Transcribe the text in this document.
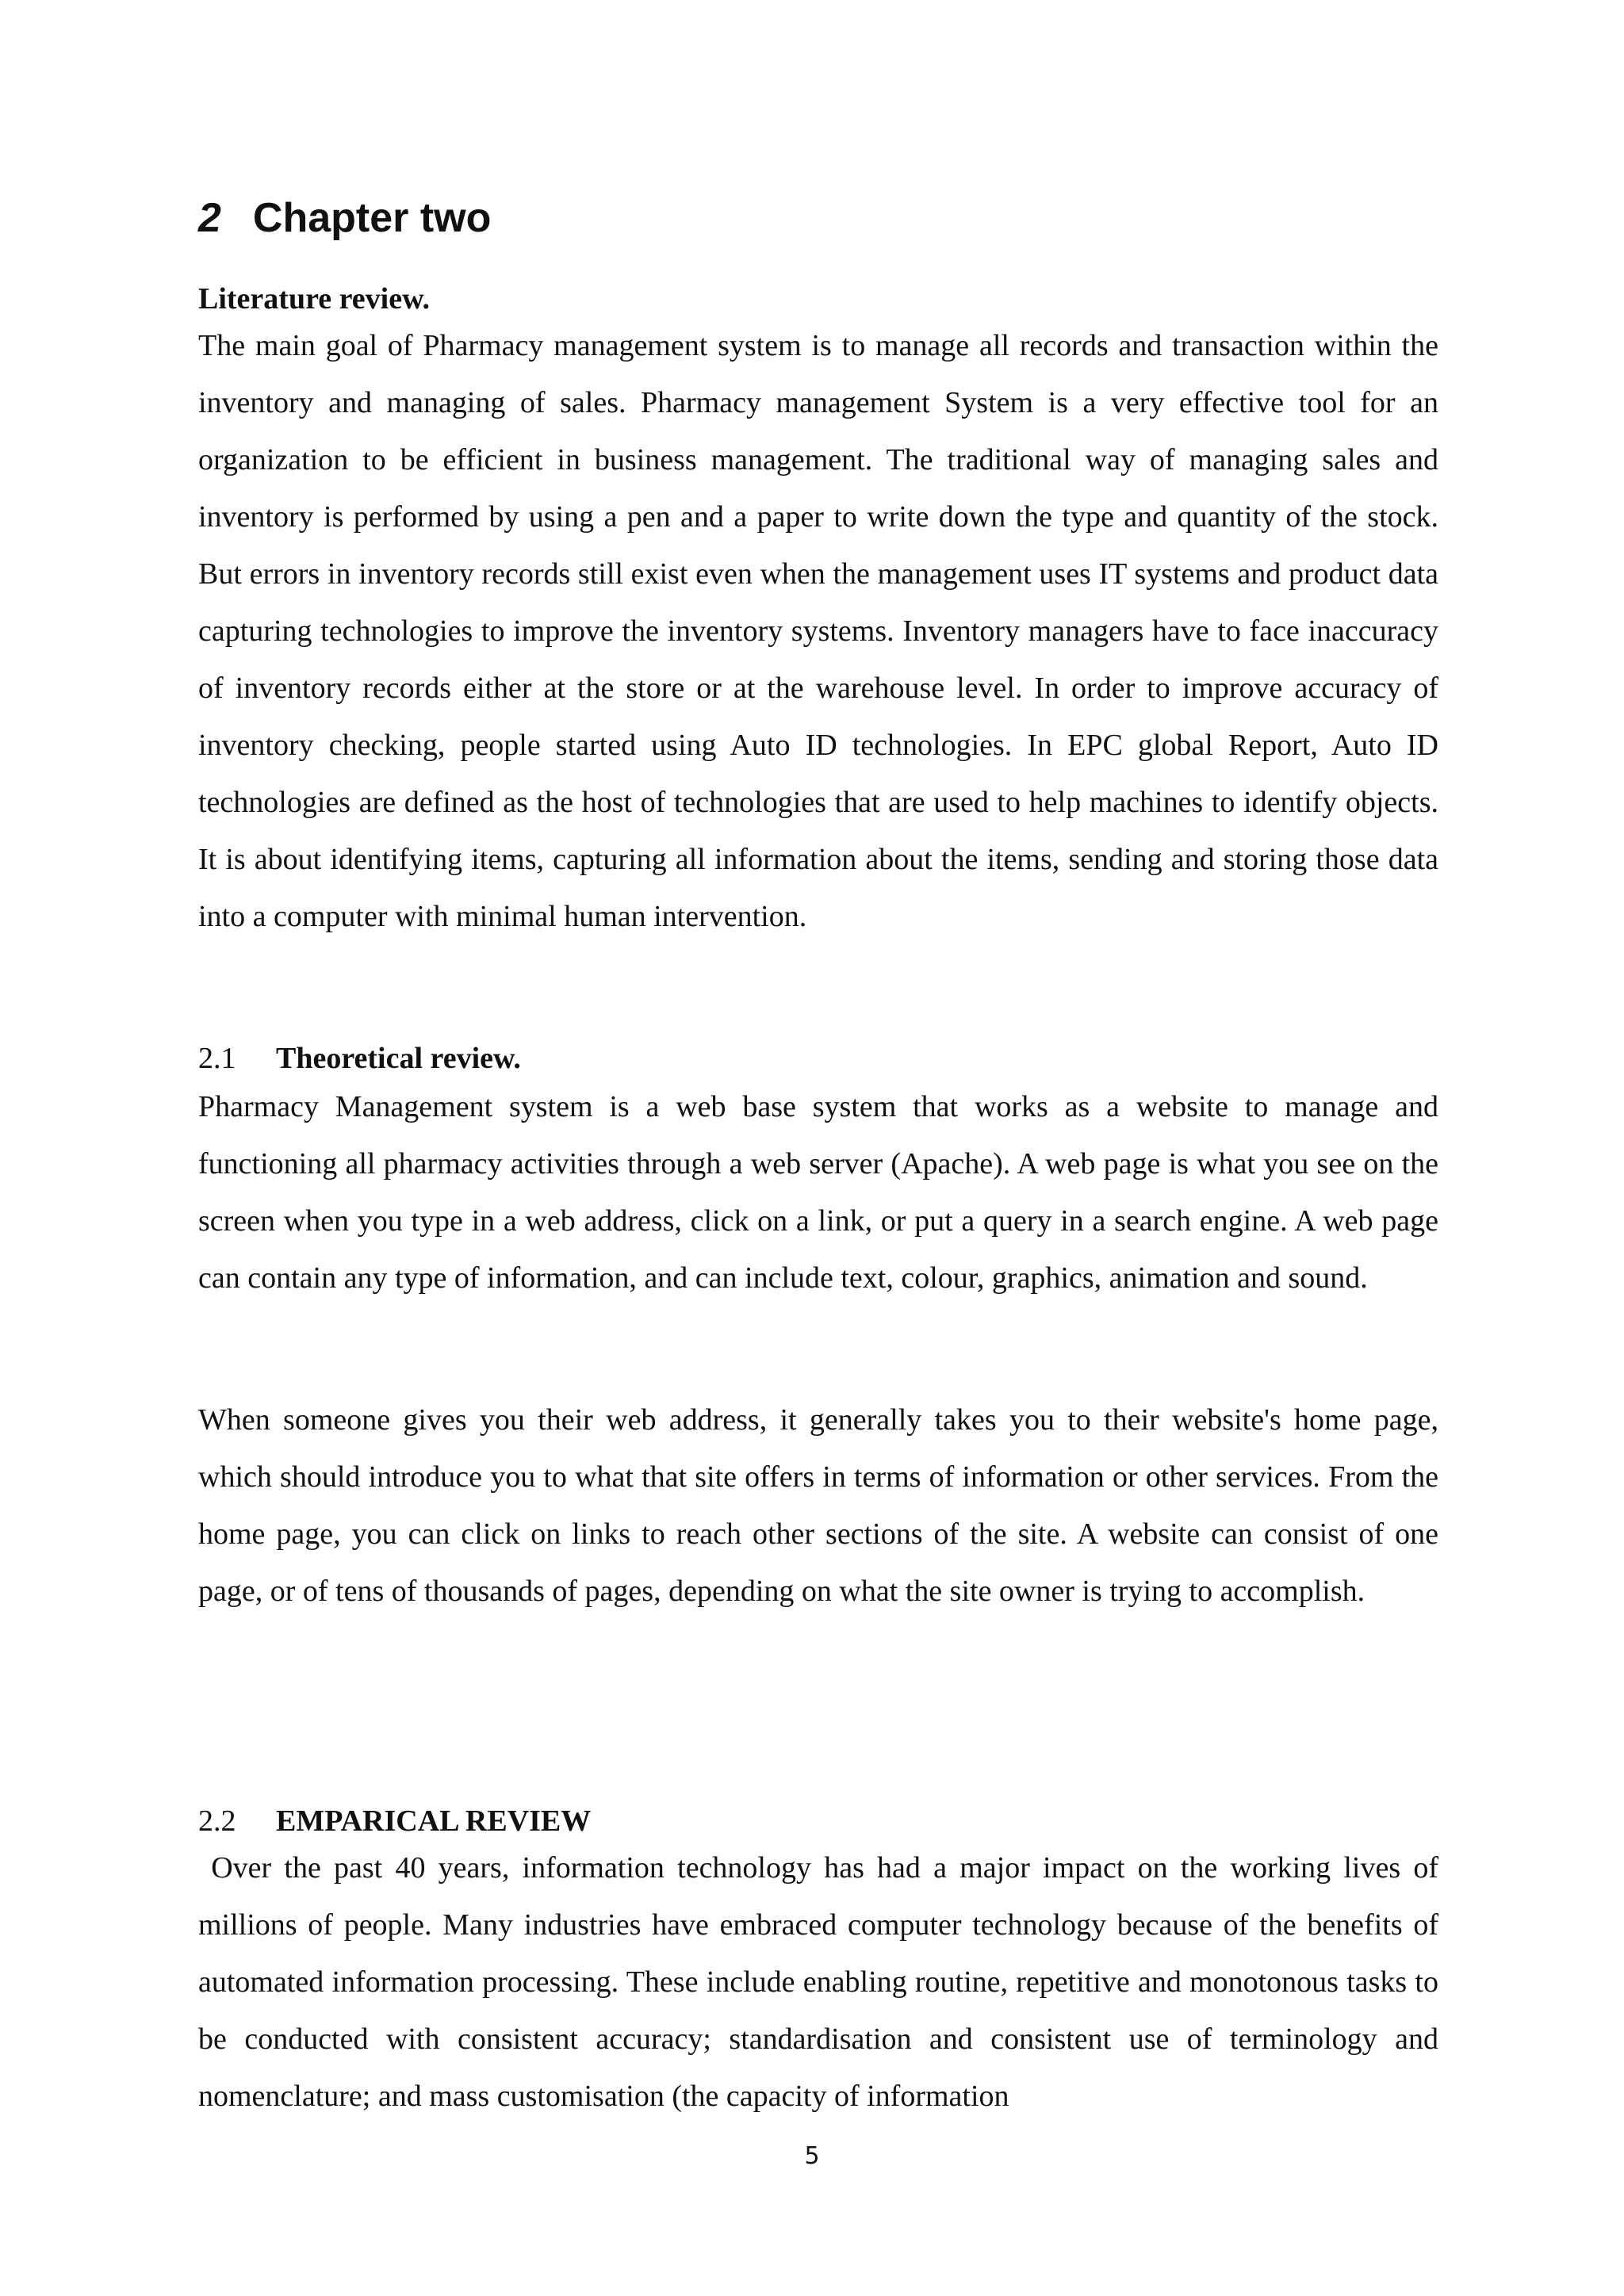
2 Chapter two
Literature review.

The main goal of Pharmacy management system is to manage all records and transaction within the inventory and managing of sales. Pharmacy management System is a very effective tool for an organization to be efficient in business management. The traditional way of managing sales and inventory is performed by using a pen and a paper to write down the type and quantity of the stock. But errors in inventory records still exist even when the management uses IT systems and product data capturing technologies to improve the inventory systems. Inventory managers have to face inaccuracy of inventory records either at the store or at the warehouse level. In order to improve accuracy of inventory checking, people started using Auto ID technologies. In EPC global Report, Auto ID technologies are defined as the host of technologies that are used to help machines to identify objects. It is about identifying items, capturing all information about the items, sending and storing those data into a computer with minimal human intervention.

2.1 Theoretical review.

Pharmacy Management system is a web base system that works as a website to manage and functioning all pharmacy activities through a web server (Apache). A web page is what you see on the screen when you type in a web address, click on a link, or put a query in a search engine. A web page can contain any type of information, and can include text, colour, graphics, animation and sound.

When someone gives you their web address, it generally takes you to their website's home page, which should introduce you to what that site offers in terms of information or other services. From the home page, you can click on links to reach other sections of the site. A website can consist of one page, or of tens of thousands of pages, depending on what the site owner is trying to accomplish.

2.2 EMPARICAL REVIEW

Over the past 40 years, information technology has had a major impact on the working lives of millions of people. Many industries have embraced computer technology because of the benefits of automated information processing. These include enabling routine, repetitive and monotonous tasks to be conducted with consistent accuracy; standardisation and consistent use of terminology and nomenclature; and mass customisation (the capacity of information

5
